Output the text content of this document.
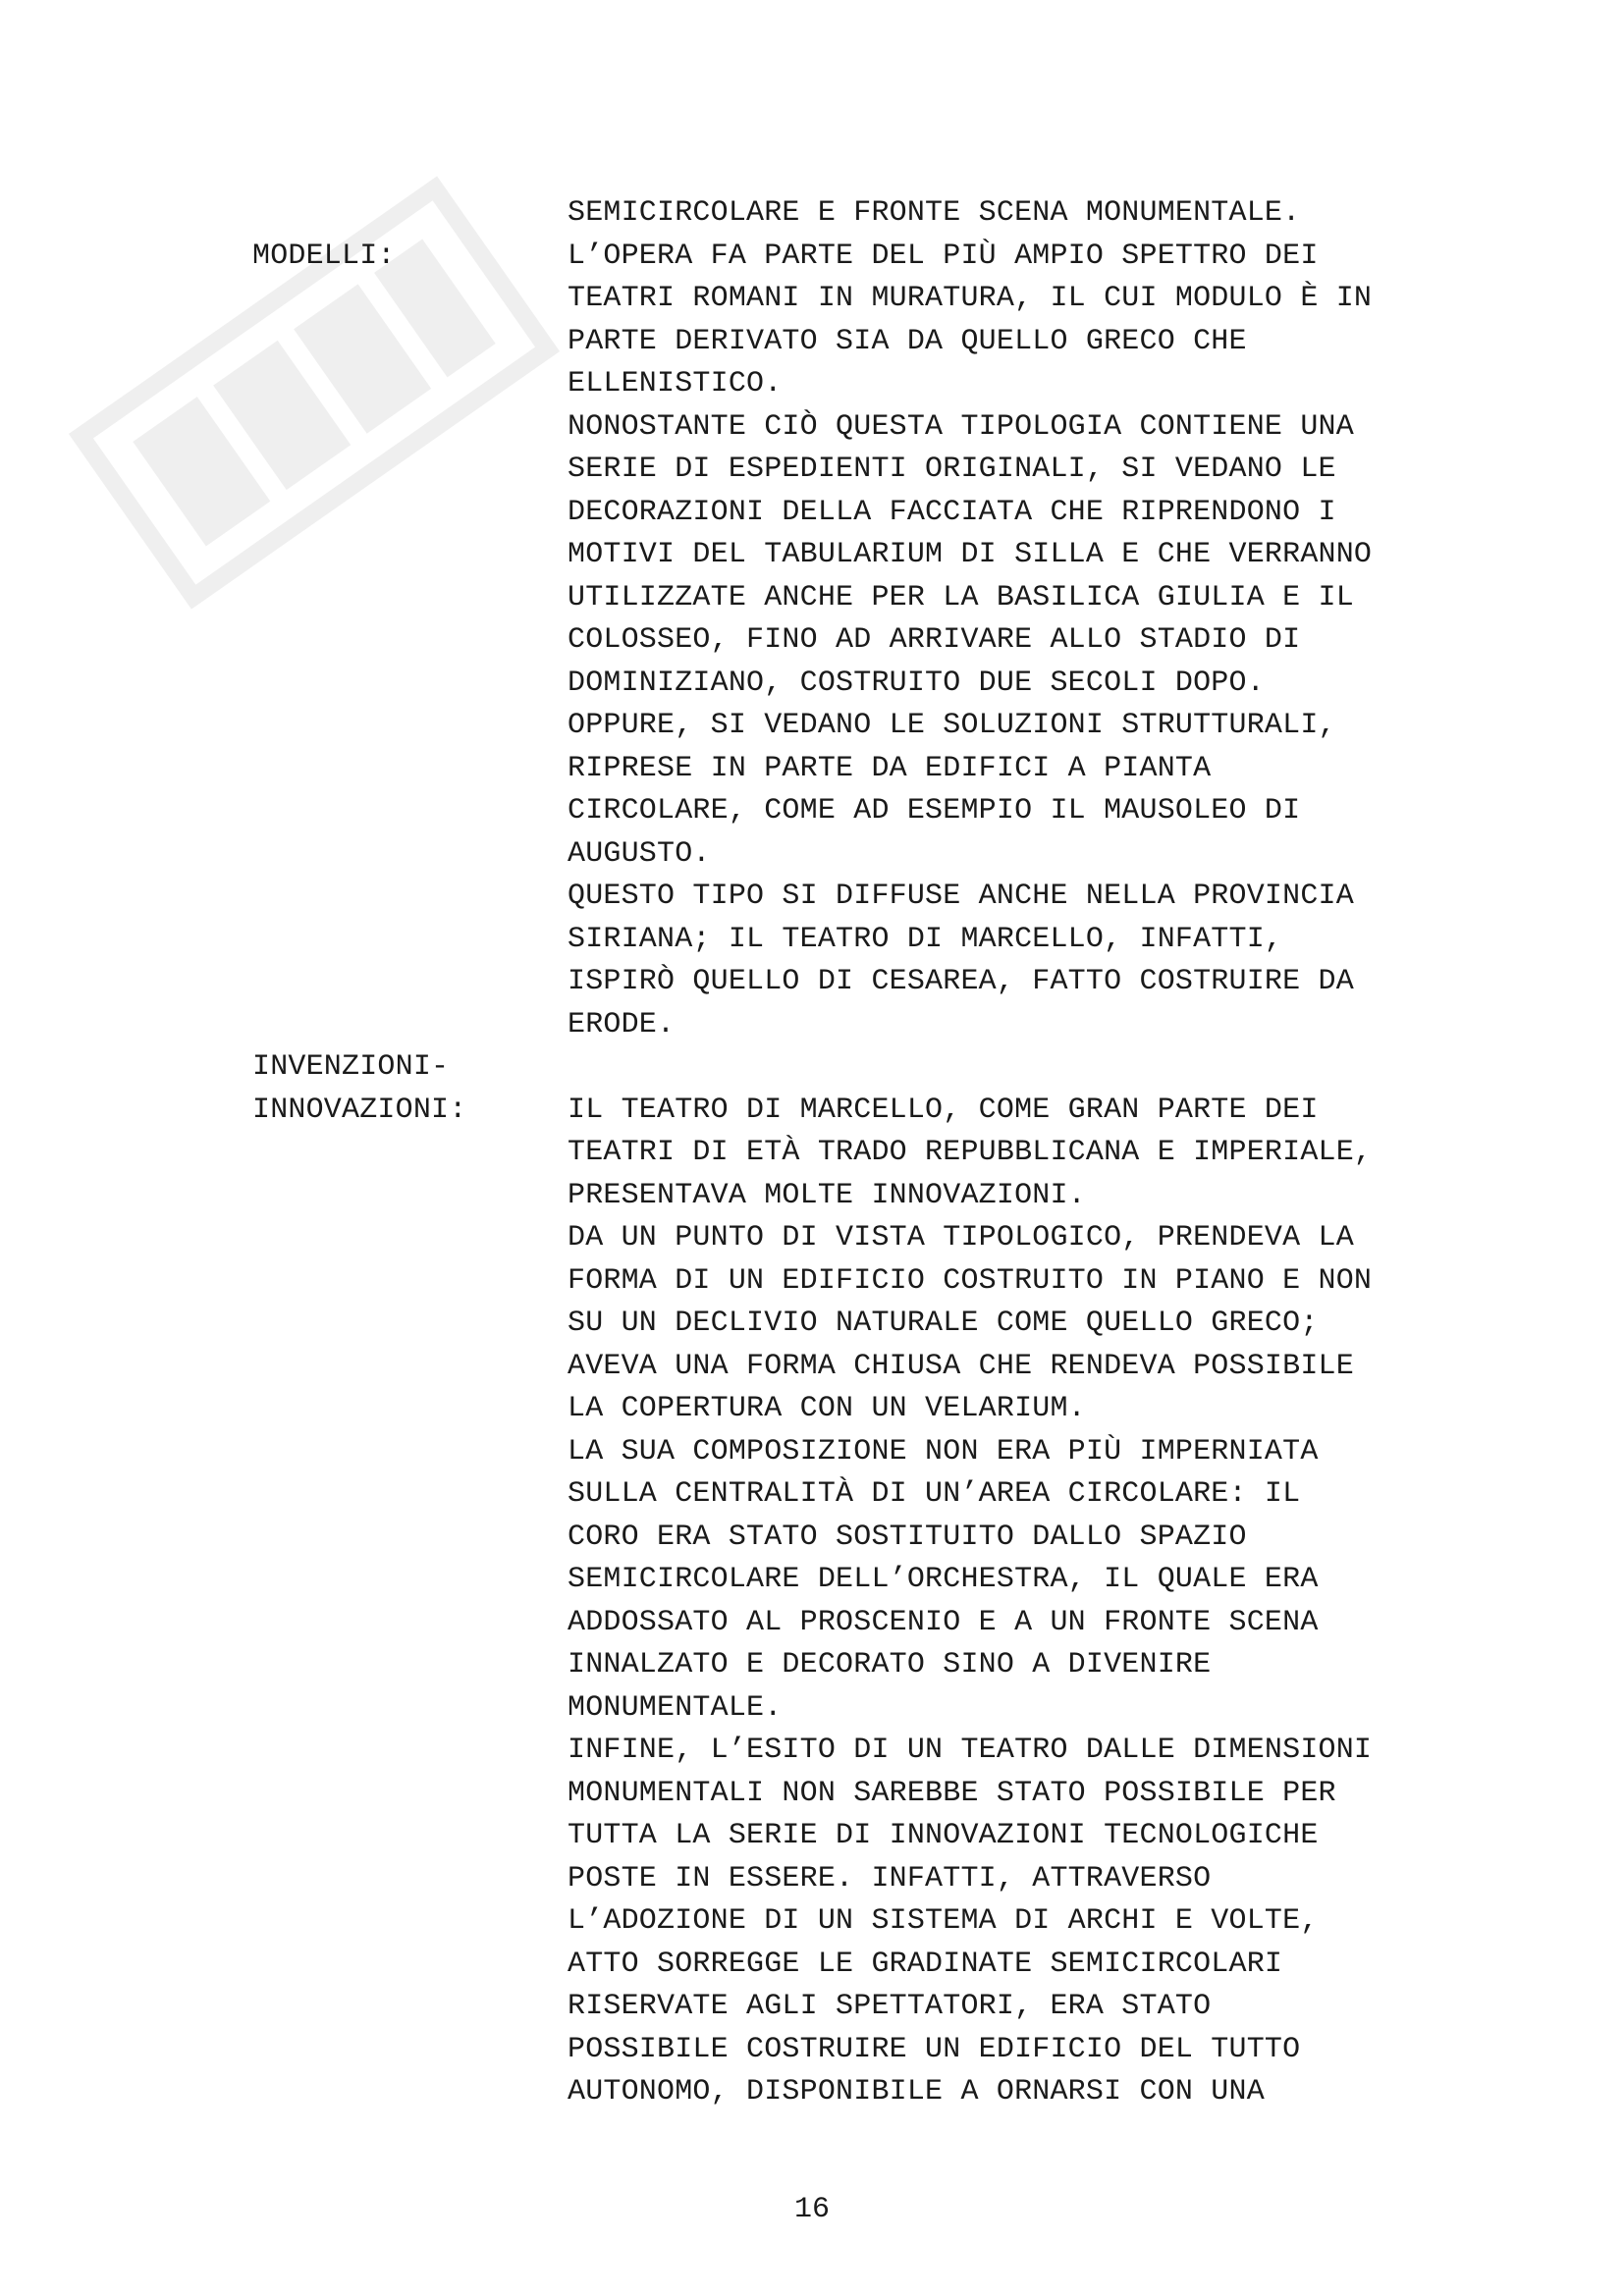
MODELLI:
INVENZIONI-
INNOVAZIONI:
SEMICIRCOLARE E FRONTE SCENA MONUMENTALE.
L’OPERA FA PARTE DEL PIÙ AMPIO SPETTRO DEI
TEATRI ROMANI IN MURATURA, IL CUI MODULO È IN
PARTE DERIVATO SIA DA QUELLO GRECO CHE
ELLENISTICO.
NONOSTANTE CIÒ QUESTA TIPOLOGIA CONTIENE UNA
SERIE DI ESPEDIENTI ORIGINALI, SI VEDANO LE
DECORAZIONI DELLA FACCIATA CHE RIPRENDONO I
MOTIVI DEL TABULARIUM DI SILLA E CHE VERRANNO
UTILIZZATE ANCHE PER LA BASILICA GIULIA E IL
COLOSSEO, FINO AD ARRIVARE ALLO STADIO DI
DOMINIZIANO, COSTRUITO DUE SECOLI DOPO.
OPPURE, SI VEDANO LE SOLUZIONI STRUTTURALI,
RIPRESE IN PARTE DA EDIFICI A PIANTA
CIRCOLARE, COME AD ESEMPIO IL MAUSOLEO DI
AUGUSTO.
QUESTO TIPO SI DIFFUSE ANCHE NELLA PROVINCIA
SIRIANA; IL TEATRO DI MARCELLO, INFATTI,
ISPIRÒ QUELLO DI CESAREA, FATTO COSTRUIRE DA
ERODE.
IL TEATRO DI MARCELLO, COME GRAN PARTE DEI
TEATRI DI ETÀ TRADO REPUBBLICANA E IMPERIALE,
PRESENTAVA MOLTE INNOVAZIONI.
DA UN PUNTO DI VISTA TIPOLOGICO, PRENDEVA LA
FORMA DI UN EDIFICIO COSTRUITO IN PIANO E NON
SU UN DECLIVIO NATURALE COME QUELLO GRECO;
AVEVA UNA FORMA CHIUSA CHE RENDEVA POSSIBILE
LA COPERTURA CON UN VELARIUM.
LA SUA COMPOSIZIONE NON ERA PIÙ IMPERNIATA
SULLA CENTRALITÀ DI UN’AREA CIRCOLARE: IL
CORO ERA STATO SOSTITUITO DALLO SPAZIO
SEMICIRCOLARE DELL’ORCHESTRA, IL QUALE ERA
ADDOSSATO AL PROSCENIO E A UN FRONTE SCENA
INNALZATO E DECORATO SINO A DIVENIRE
MONUMENTALE.
INFINE, L’ESITO DI UN TEATRO DALLE DIMENSIONI
MONUMENTALI NON SAREBBE STATO POSSIBILE PER
TUTTA LA SERIE DI INNOVAZIONI TECNOLOGICHE
POSTE IN ESSERE. INFATTI, ATTRAVERSO
L’ADOZIONE DI UN SISTEMA DI ARCHI E VOLTE,
ATTO SORREGGE LE GRADINATE SEMICIRCOLARI
RISERVATE AGLI SPETTATORI, ERA STATO
POSSIBILE COSTRUIRE UN EDIFICIO DEL TUTTO
AUTONOMO, DISPONIBILE A ORNARSI CON UNA
16
